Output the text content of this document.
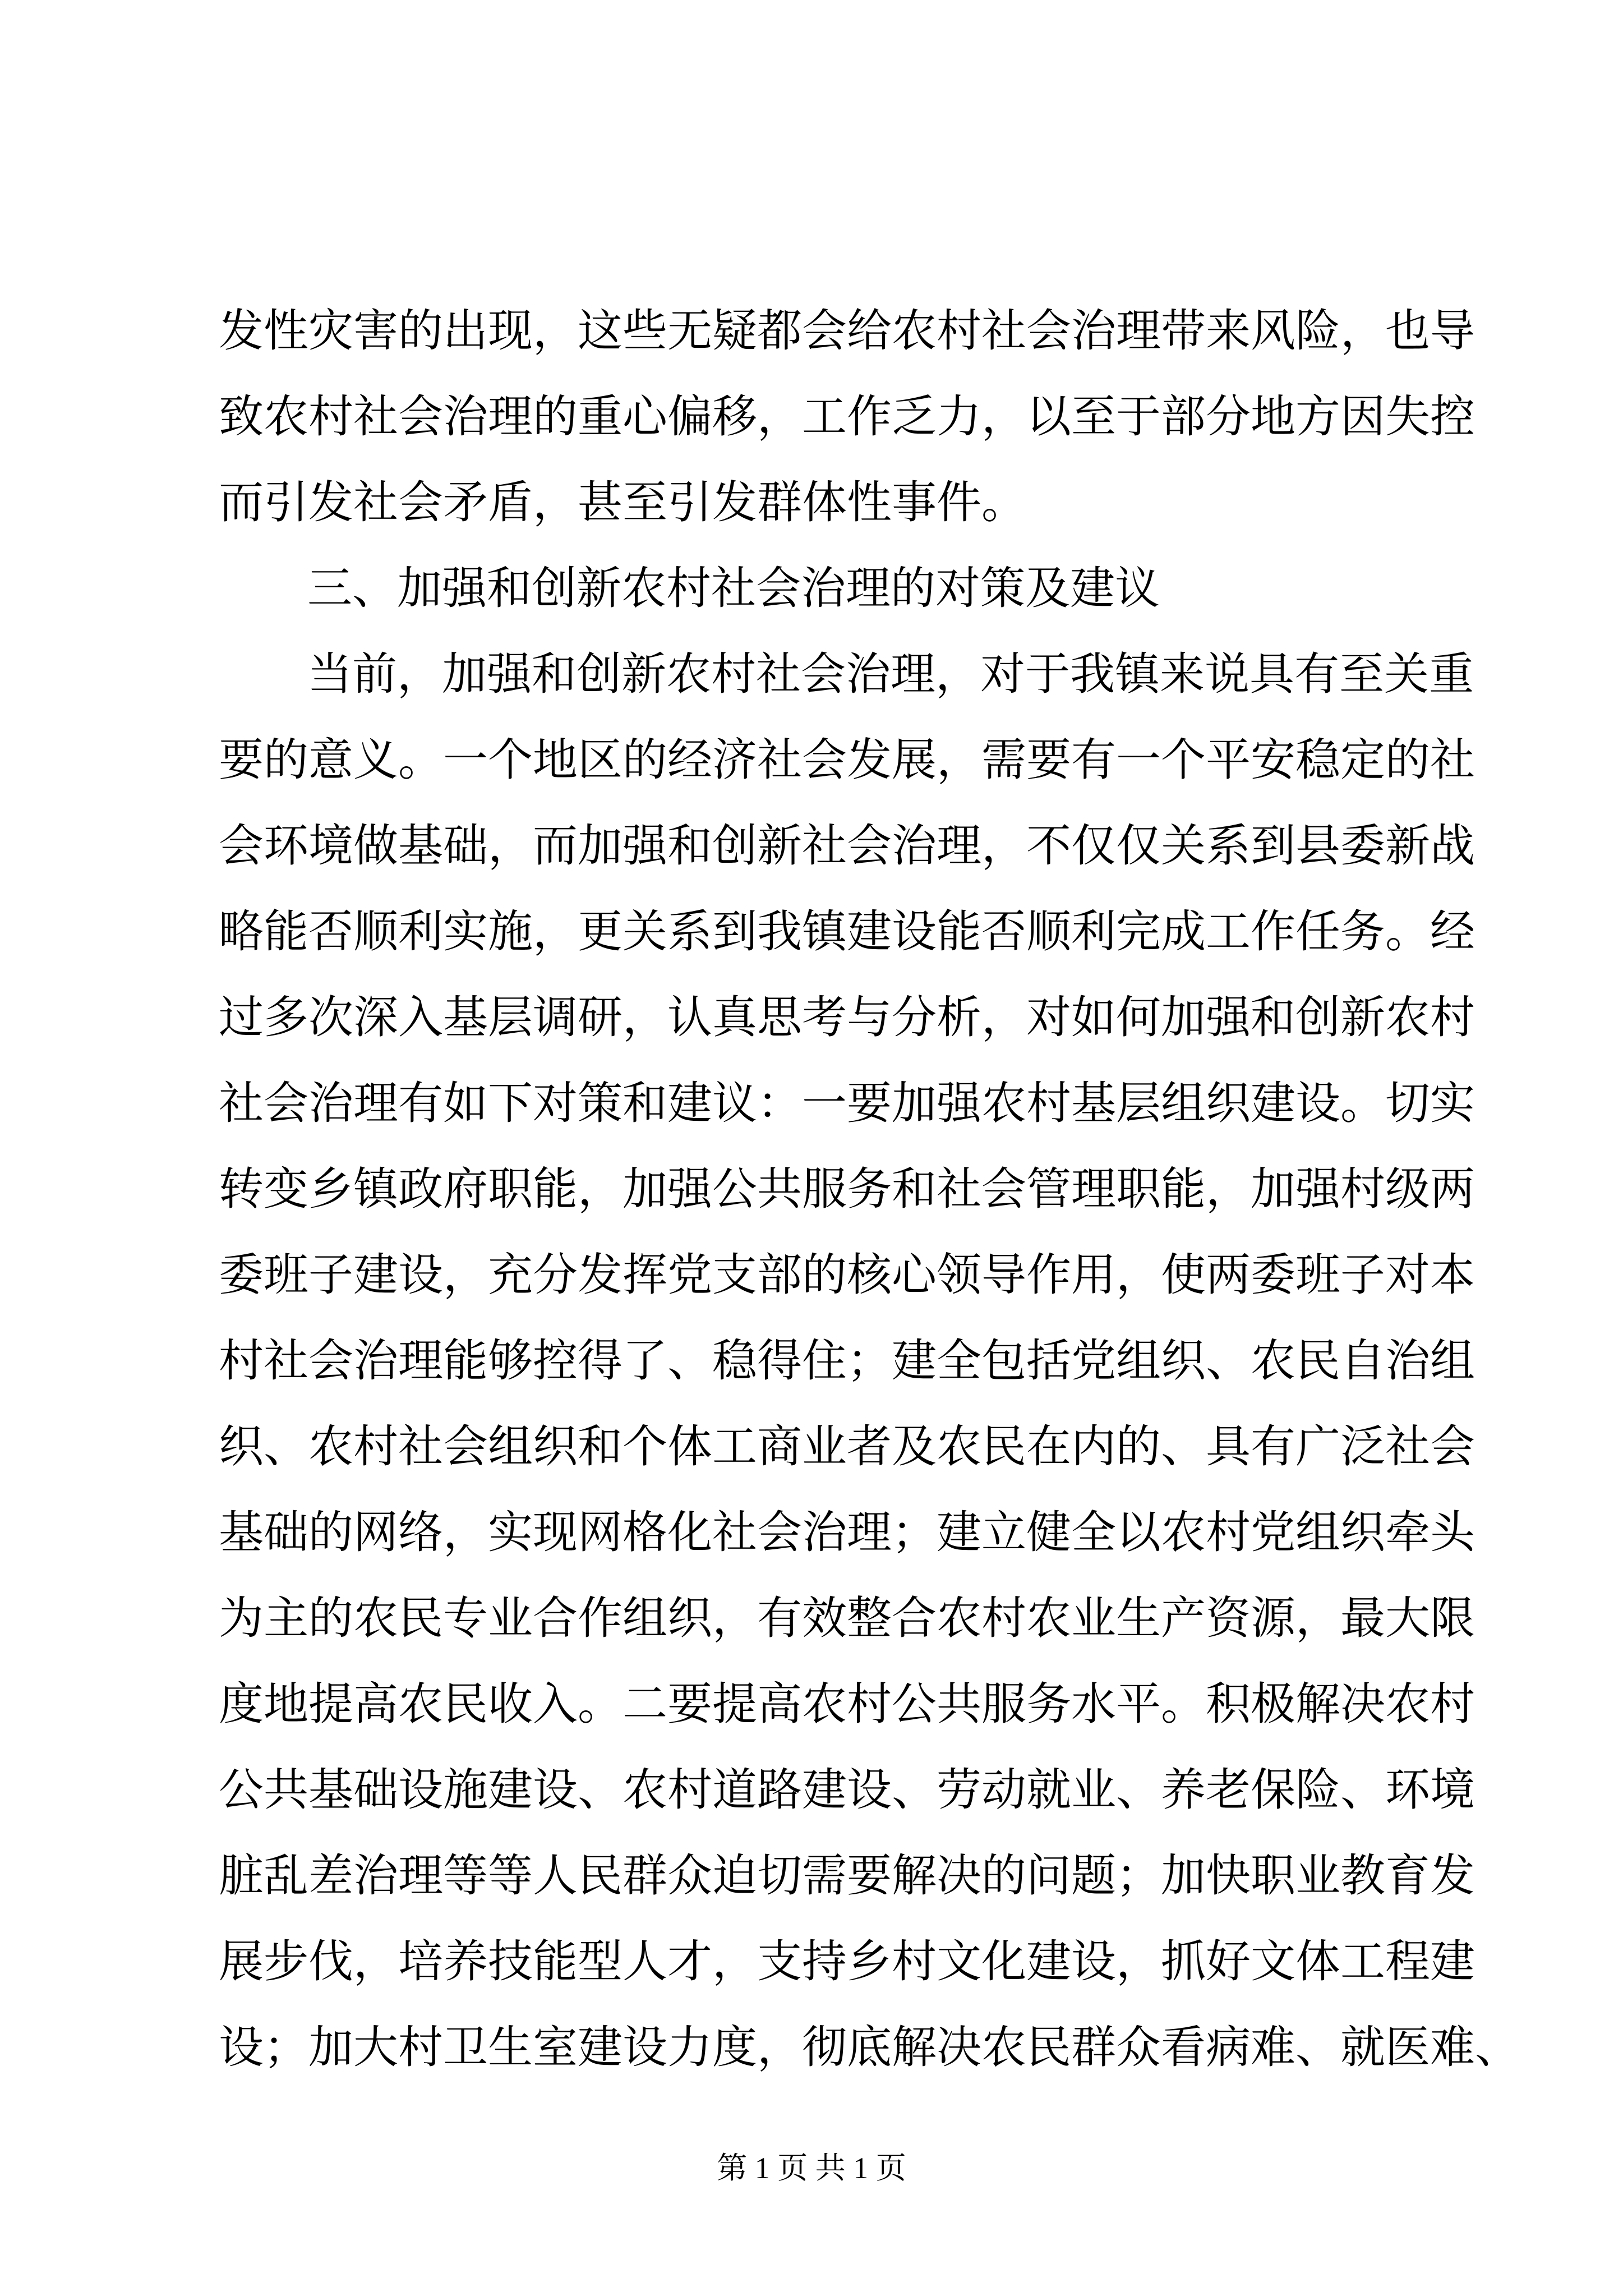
发性灾害的出现，这些无疑都会给农村社会治理带来风险，也导
致农村社会治理的重心偏移，工作乏力，以至于部分地方因失控
而引发社会矛盾，甚至引发群体性事件。
三、加强和创新农村社会治理的对策及建议
当前，加强和创新农村社会治理，对于我镇来说具有至关重
要的意义。一个地区的经济社会发展，需要有一个平安稳定的社
会环境做基础，而加强和创新社会治理，不仅仅关系到县委新战
略能否顺利实施，更关系到我镇建设能否顺利完成工作任务。经
过多次深入基层调研，认真思考与分析，对如何加强和创新农村
社会治理有如下对策和建议：一要加强农村基层组织建设。切实
转变乡镇政府职能，加强公共服务和社会管理职能，加强村级两
委班子建设，充分发挥党支部的核心领导作用，使两委班子对本
村社会治理能够控得了、稳得住；建全包括党组织、农民自治组
织、农村社会组织和个体工商业者及农民在内的、具有广泛社会
基础的网络，实现网格化社会治理；建立健全以农村党组织牵头
为主的农民专业合作组织，有效整合农村农业生产资源，最大限
度地提高农民收入。二要提高农村公共服务水平。积极解决农村
公共基础设施建设、农村道路建设、劳动就业、养老保险、环境
脏乱差治理等等人民群众迫切需要解决的问题；加快职业教育发
展步伐，培养技能型人才，支持乡村文化建设，抓好文体工程建
设；加大村卫生室建设力度，彻底解决农民群众看病难、就医难、
第 1 页 共 1 页
